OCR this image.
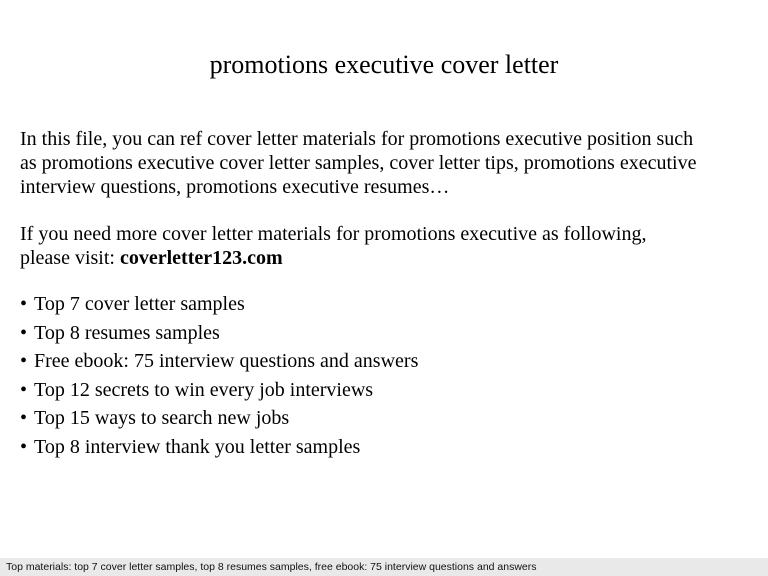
promotions executive cover letter
In this file, you can ref cover letter materials for promotions executive position such
as promotions executive cover letter samples, cover letter tips, promotions executive
interview questions, promotions executive resumes…
If you need more cover letter materials for promotions executive as following,
please visit: coverletter123.com
• Top 7 cover letter samples
• Top 8 resumes samples
• Free ebook: 75 interview questions and answers
• Top 12 secrets to win every job interviews
• Top 15 ways to search new jobs
• Top 8 interview thank you letter samples
Top materials: top 7 cover letter samples, top 8 resumes samples, free ebook: 75 interview questions and answers
